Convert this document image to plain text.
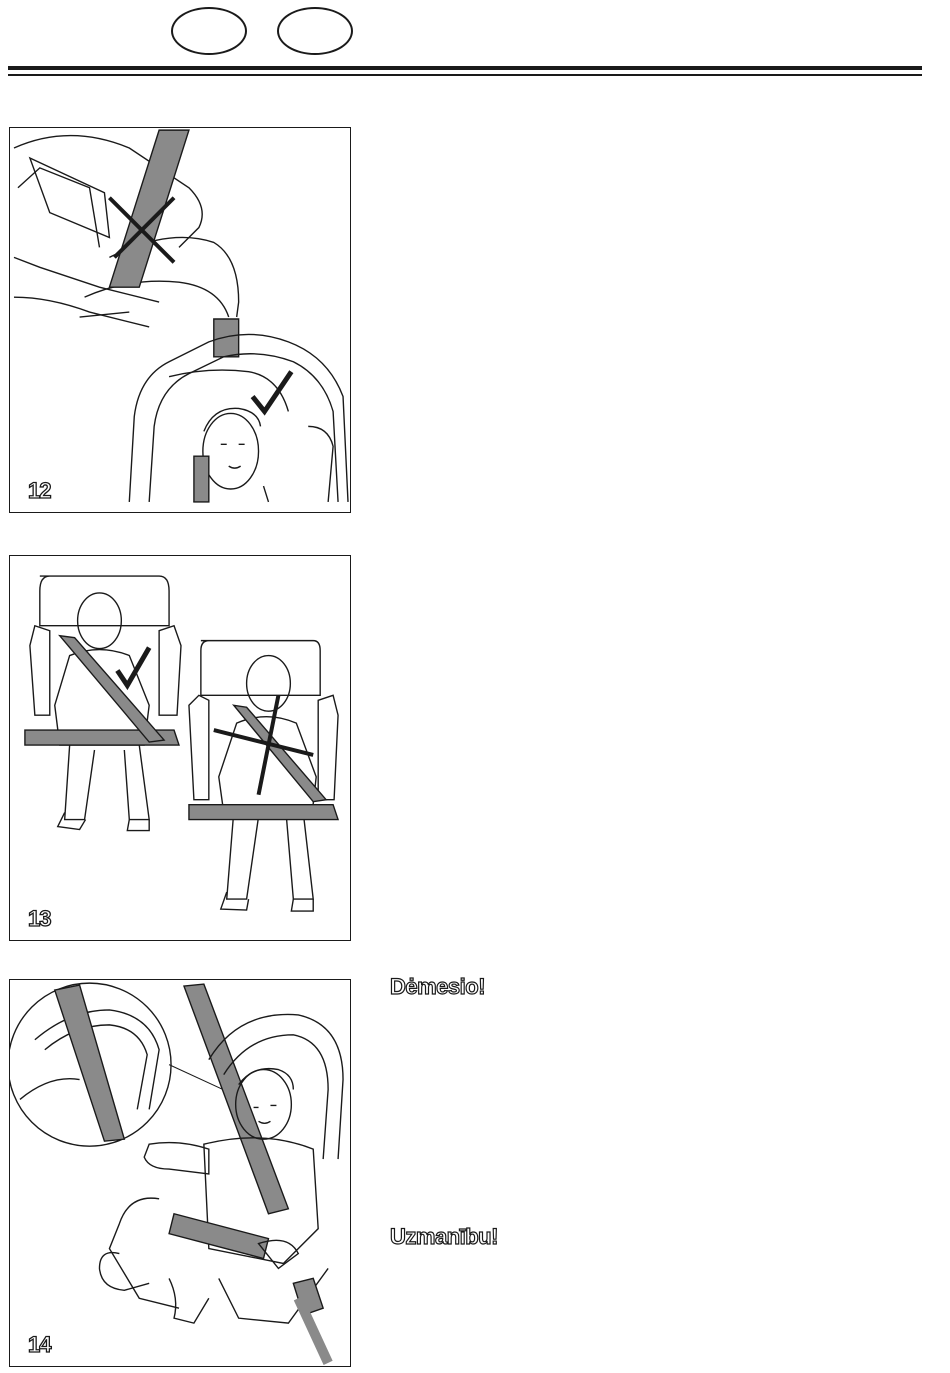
12
13
14
Dėmesio!
Uzmanību!
